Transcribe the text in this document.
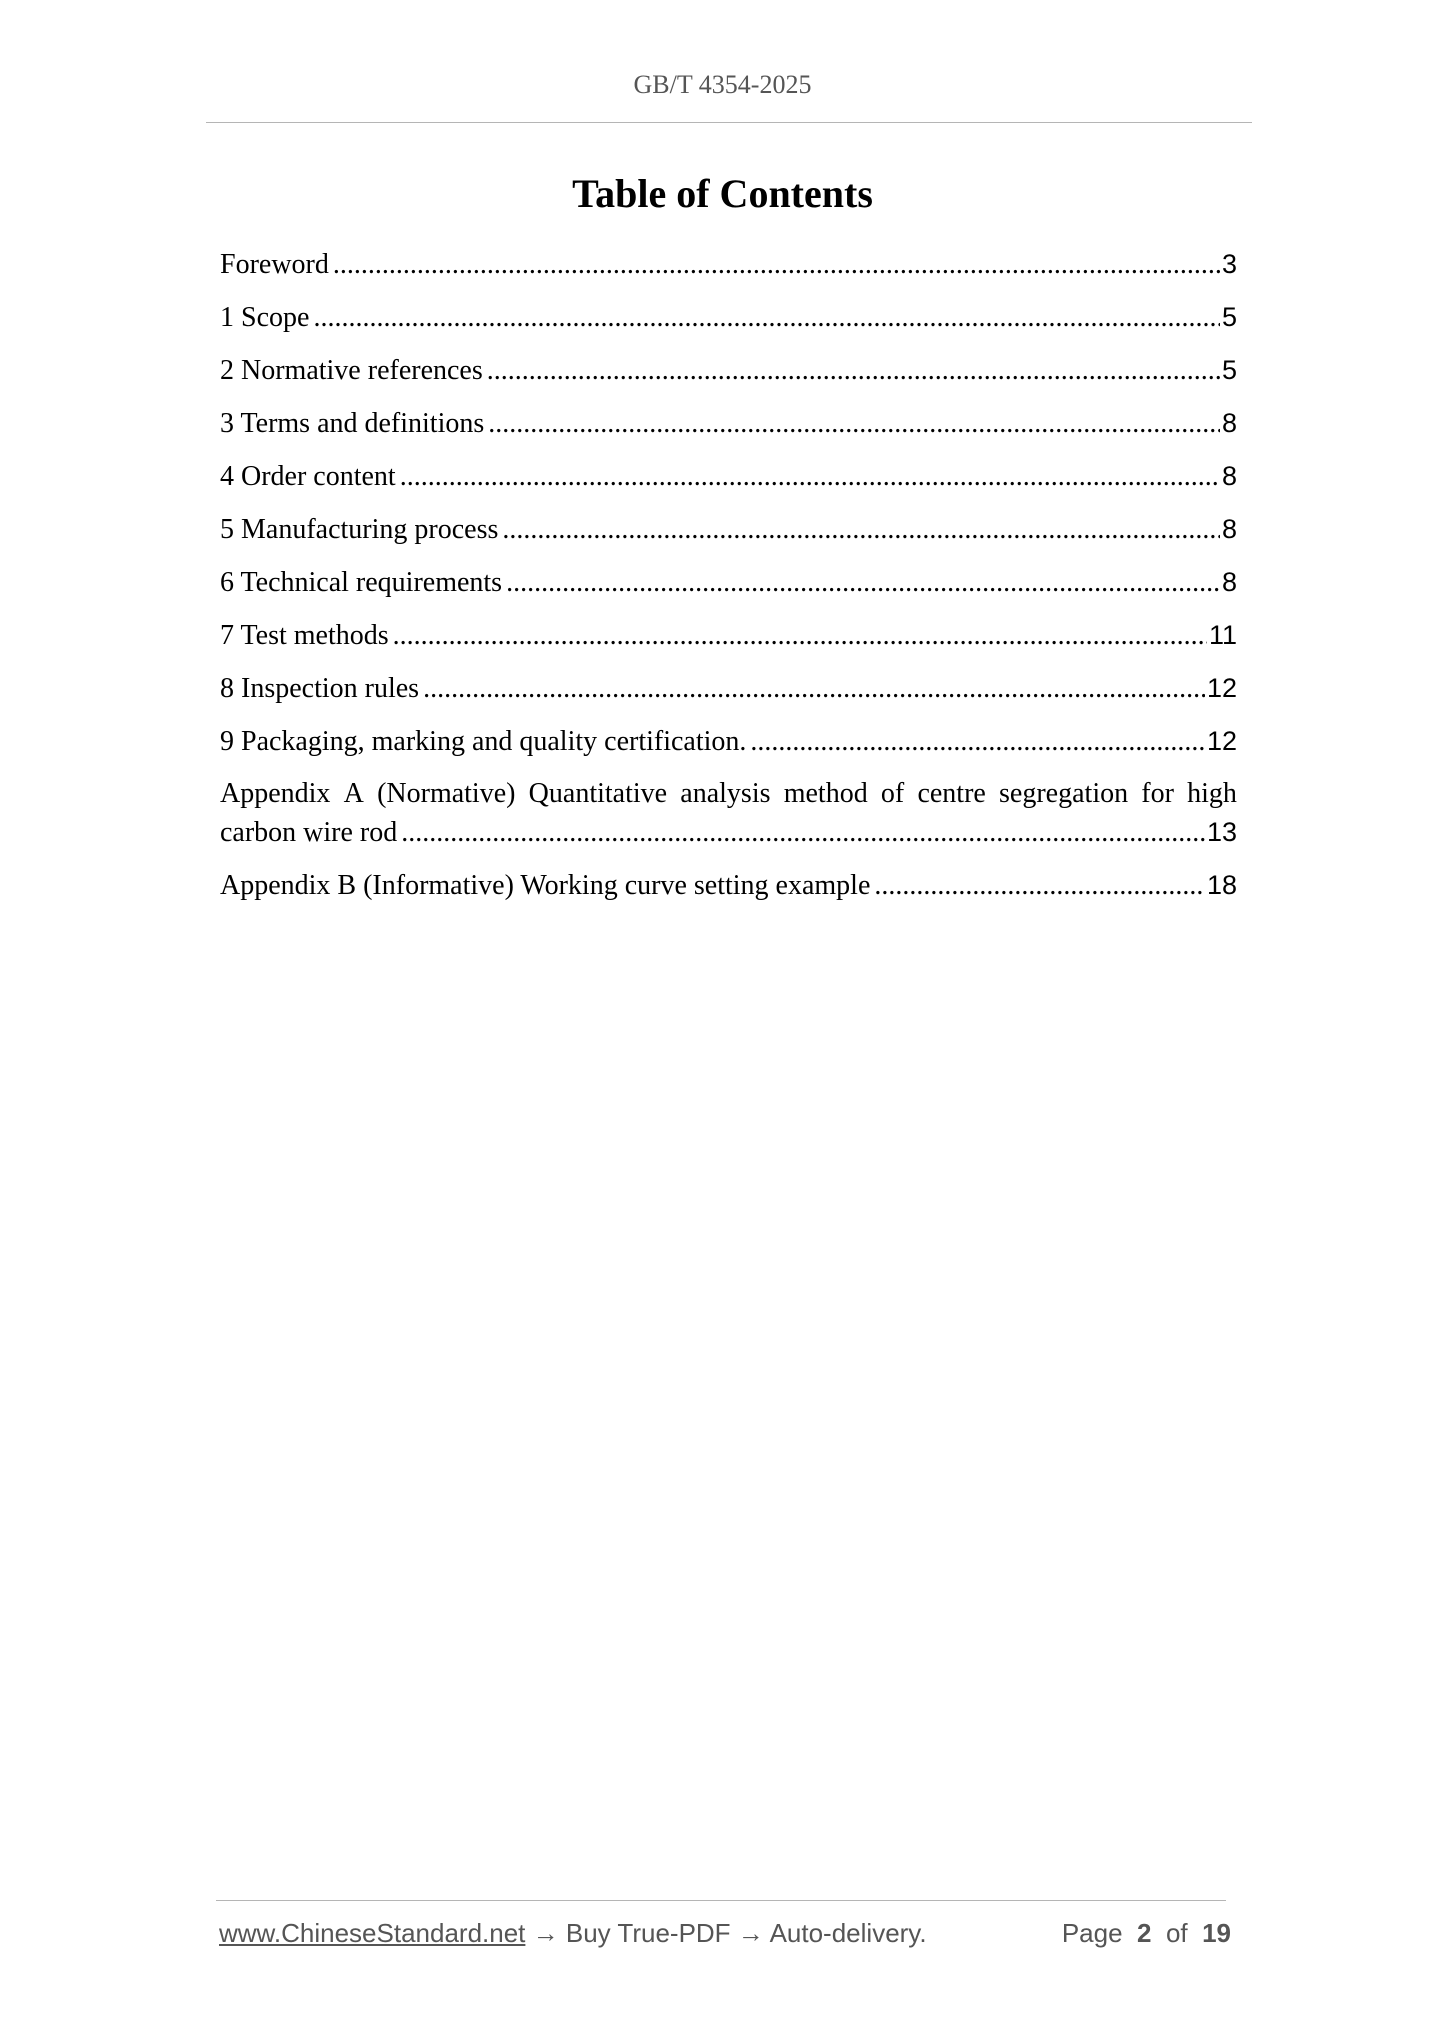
GB/T 4354-2025
Table of Contents
Foreword .....	3
1 Scope .....	5
2 Normative references .....	5
3 Terms and definitions .....	8
4 Order content .....	8
5 Manufacturing process .....	8
6 Technical requirements .....	8
7 Test methods .....	11
8 Inspection rules .....	12
9 Packaging, marking and quality certification. .....	12
Appendix A (Normative) Quantitative analysis method of centre segregation for high
carbon wire rod .....	13
Appendix B (Informative) Working curve setting example .....	18
www.ChineseStandard.net → Buy True-PDF → Auto-delivery.	Page 2 of 19
